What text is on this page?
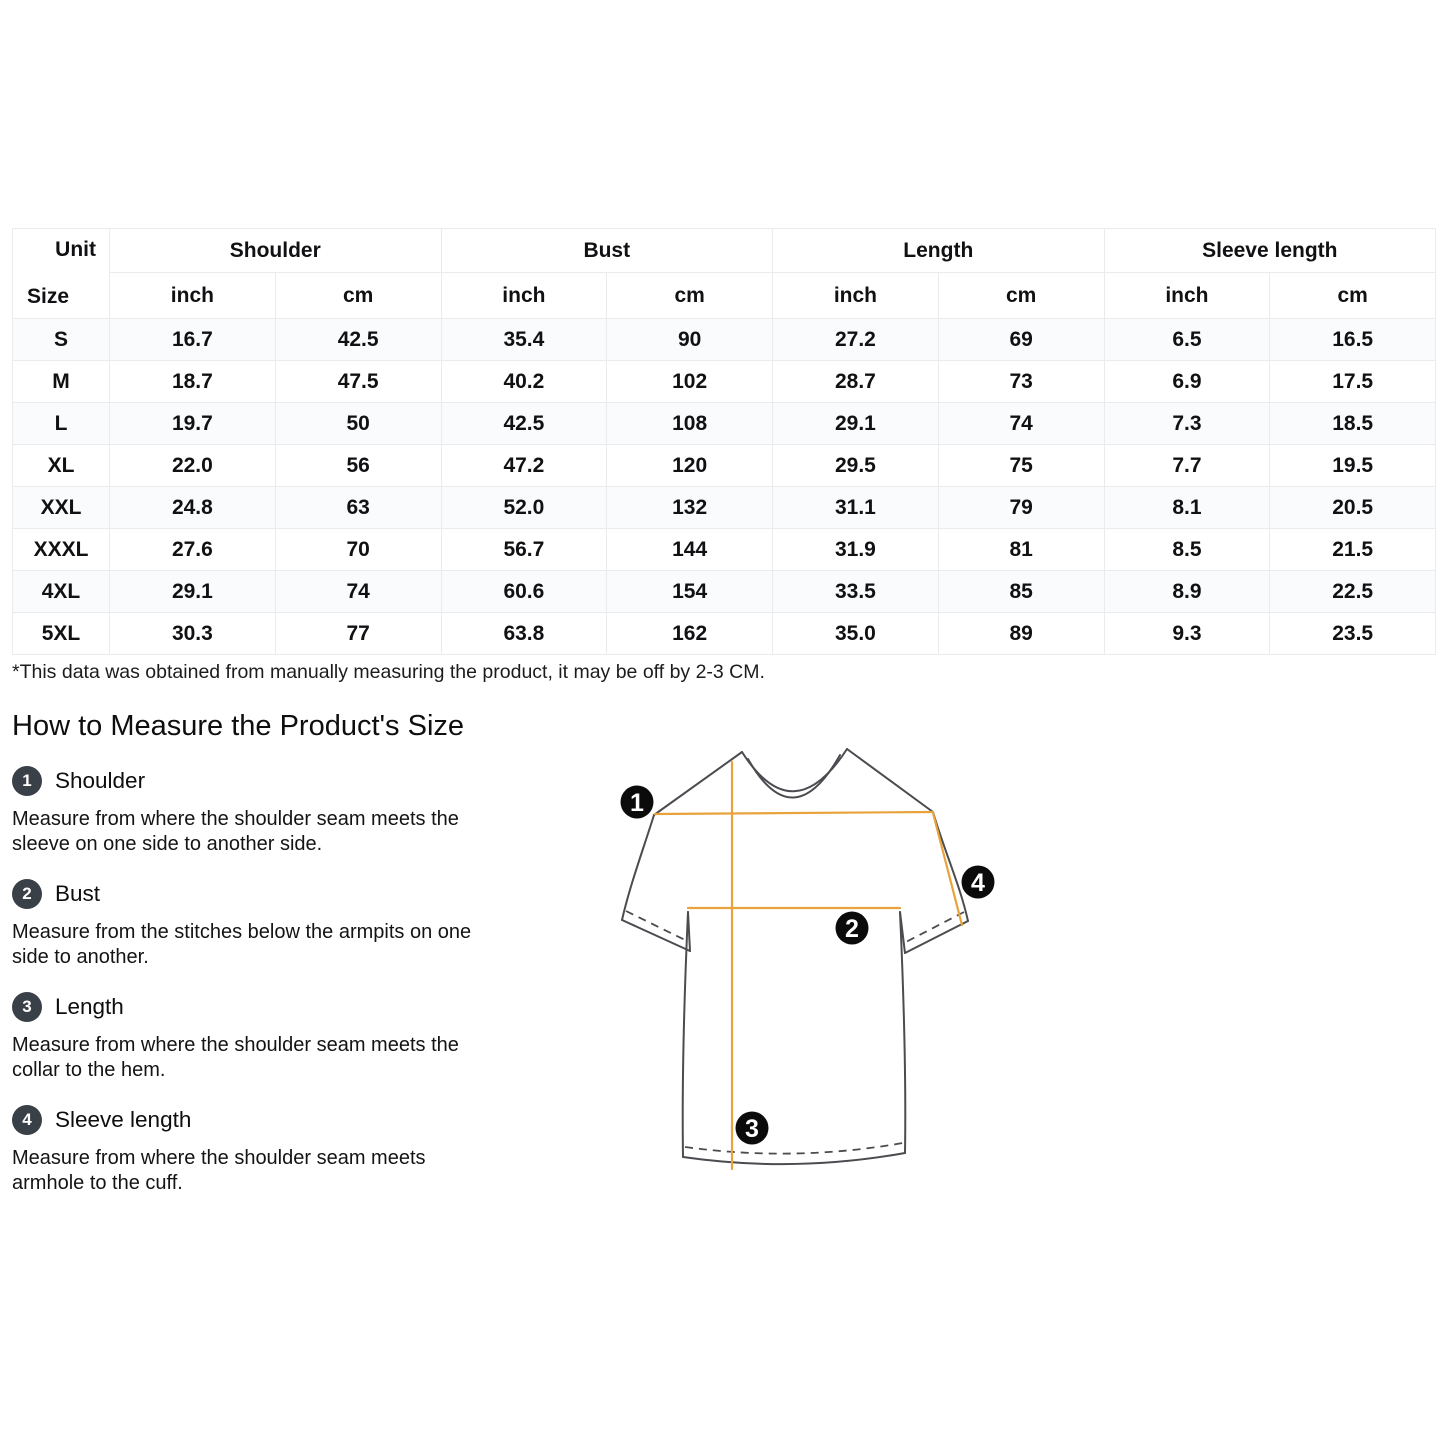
Unit
Size	Shoulder		Bust		Length		Sleeve length	
	inch	cm	inch	cm	inch	cm	inch	cm
S	16.7	42.5	35.4	90	27.2	69	6.5	16.5
M	18.7	47.5	40.2	102	28.7	73	6.9	17.5
L	19.7	50	42.5	108	29.1	74	7.3	18.5
XL	22.0	56	47.2	120	29.5	75	7.7	19.5
XXL	24.8	63	52.0	132	31.1	79	8.1	20.5
XXXL	27.6	70	56.7	144	31.9	81	8.5	21.5
4XL	29.1	74	60.6	154	33.5	85	8.9	22.5
5XL	30.3	77	63.8	162	35.0	89	9.3	23.5
*This data was obtained from manually measuring the product, it may be off by 2-3 CM.
How to Measure the Product's Size
1	Shoulder

Measure from where the shoulder seam meets the sleeve on one side to another side.

2	Bust

Measure from the stitches below the armpits on one side to another.

3	Length

Measure from where the shoulder seam meets the collar to the hem.

4	Sleeve length

Measure from where the shoulder seam meets armhole to the cuff.

1
2
3
4
